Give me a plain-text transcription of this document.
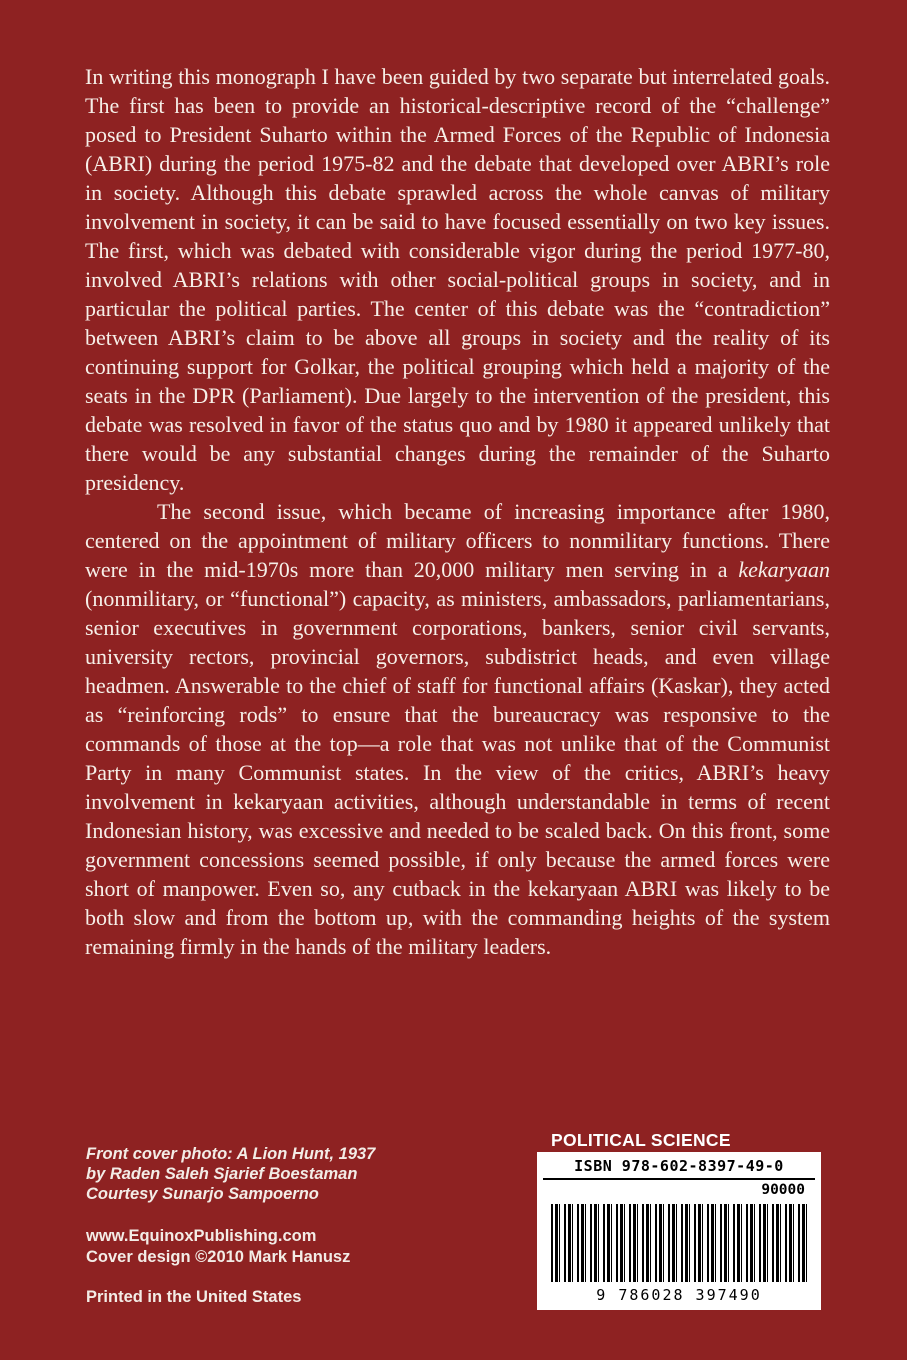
In writing this monograph I have been guided by two separate but interrelated goals. The first has been to provide an historical-descriptive record of the “challenge” posed to President Suharto within the Armed Forces of the Republic of Indonesia (ABRI) during the period 1975-82 and the debate that developed over ABRI’s role in society. Although this debate sprawled across the whole canvas of military involvement in society, it can be said to have focused essentially on two key issues. The first, which was debated with considerable vigor during the period 1977-80, involved ABRI’s relations with other social-political groups in society, and in particular the political parties. The center of this debate was the “contradiction” between ABRI’s claim to be above all groups in society and the reality of its continuing support for Golkar, the political grouping which held a majority of the seats in the DPR (Parliament). Due largely to the intervention of the president, this debate was resolved in favor of the status quo and by 1980 it appeared unlikely that there would be any substantial changes during the remainder of the Suharto presidency.

The second issue, which became of increasing importance after 1980, centered on the appointment of military officers to nonmilitary functions. There were in the mid-1970s more than 20,000 military men serving in a kekaryaan (nonmilitary, or “functional”) capacity, as ministers, ambassadors, parliamentarians, senior executives in government corporations, bankers, senior civil servants, university rectors, provincial governors, subdistrict heads, and even village headmen. Answerable to the chief of staff for functional affairs (Kaskar), they acted as “reinforcing rods” to ensure that the bureaucracy was responsive to the commands of those at the top—a role that was not unlike that of the Communist Party in many Communist states. In the view of the critics, ABRI’s heavy involvement in kekaryaan activities, although understandable in terms of recent Indonesian history, was excessive and needed to be scaled back. On this front, some government concessions seemed possible, if only because the armed forces were short of manpower. Even so, any cutback in the kekaryaan ABRI was likely to be both slow and from the bottom up, with the commanding heights of the system remaining firmly in the hands of the military leaders.

Front cover photo: A Lion Hunt, 1937
by Raden Saleh Sjarief Boestaman
Courtesy Sunarjo Sampoerno
www.EquinoxPublishing.com
Cover design ©2010 Mark Hanusz
Printed in the United States
POLITICAL SCIENCE
ISBN 978-602-8397-49-0
90000
9 786028 397490
